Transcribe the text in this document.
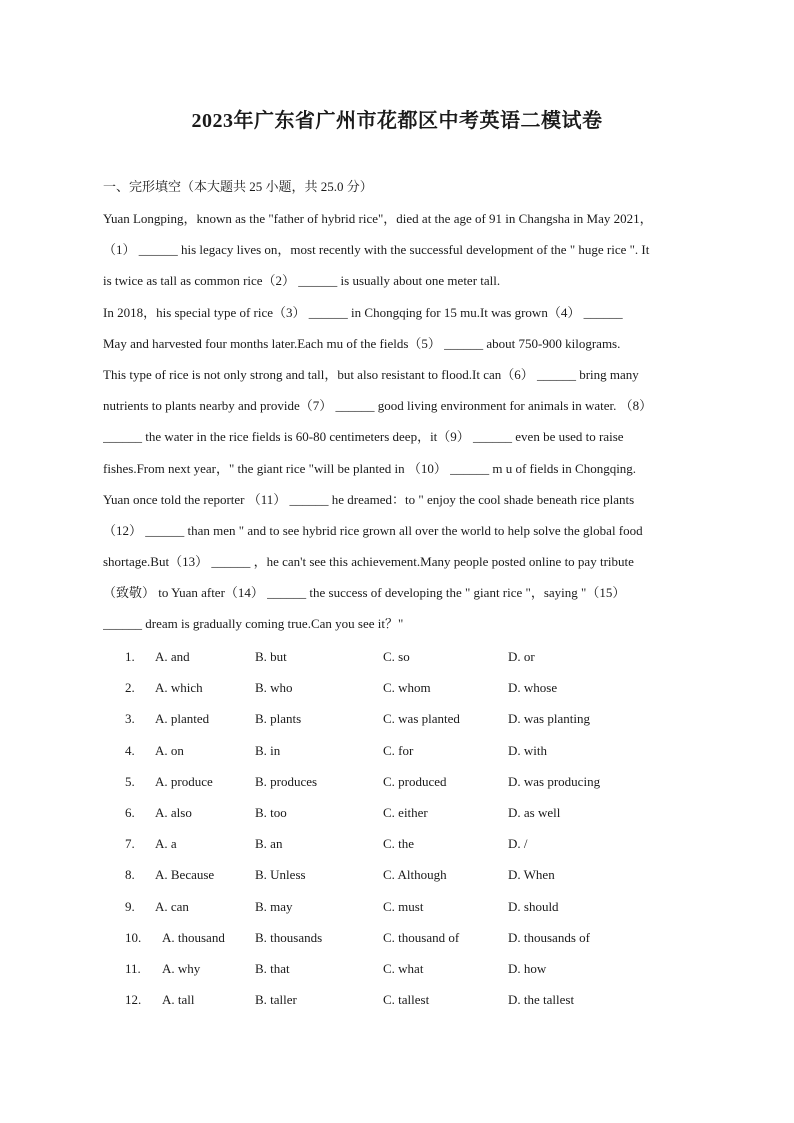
2023年广东省广州市花都区中考英语二模试卷

一、完形填空（本大题共 25 小题，共 25.0 分）

Yuan Longping，known as the "father of hybrid rice"，died at the age of 91 in Changsha in May 2021，
（1） ______ his legacy lives on，most recently with the successful development of the " huge rice ". It
is twice as tall as common rice（2） ______ is usually about one meter tall.
In 2018，his special type of rice（3） ______ in Chongqing for 15 mu.It was grown（4） ______
May and harvested four months later.Each mu of the fields（5） ______ about 750-900 kilograms.
This type of rice is not only strong and tall，but also resistant to flood.It can（6） ______ bring many
nutrients to plants nearby and provide（7） ______ good living environment for animals in water. （8）
______ the water in the rice fields is 60-80 centimeters deep，it（9） ______ even be used to raise
fishes.From next year，" the giant rice "will be planted in （10） ______ m u of fields in Chongqing.
Yuan once told the reporter （11） ______ he dreamed：to " enjoy the cool shade beneath rice plants
（12） ______ than men " and to see hybrid rice grown all over the world to help solve the global food
shortage.But（13） ______ ，he can't see this achievement.Many people posted online to pay tribute
（致敬） to Yuan after（14） ______ the success of developing the " giant rice "，saying "（15）
______ dream is gradually coming true.Can you see it？"
1. A. and	B. but	C. so	D. or
2. A. which	B. who	C. whom	D. whose
3. A. planted	B. plants	C. was planted	D. was planting
4. A. on	B. in	C. for	D. with
5. A. produce	B. produces	C. produced	D. was producing
6. A. also	B. too	C. either	D. as well
7. A. a	B. an	C. the	D. /
8. A. Because	B. Unless	C. Although	D. When
9. A. can	B. may	C. must	D. should
10. A. thousand B. thousands	C. thousand of	D. thousands of
11. A. why	B. that	C. what	D. how
12. A. tall	B. taller	C. tallest	D. the tallest
